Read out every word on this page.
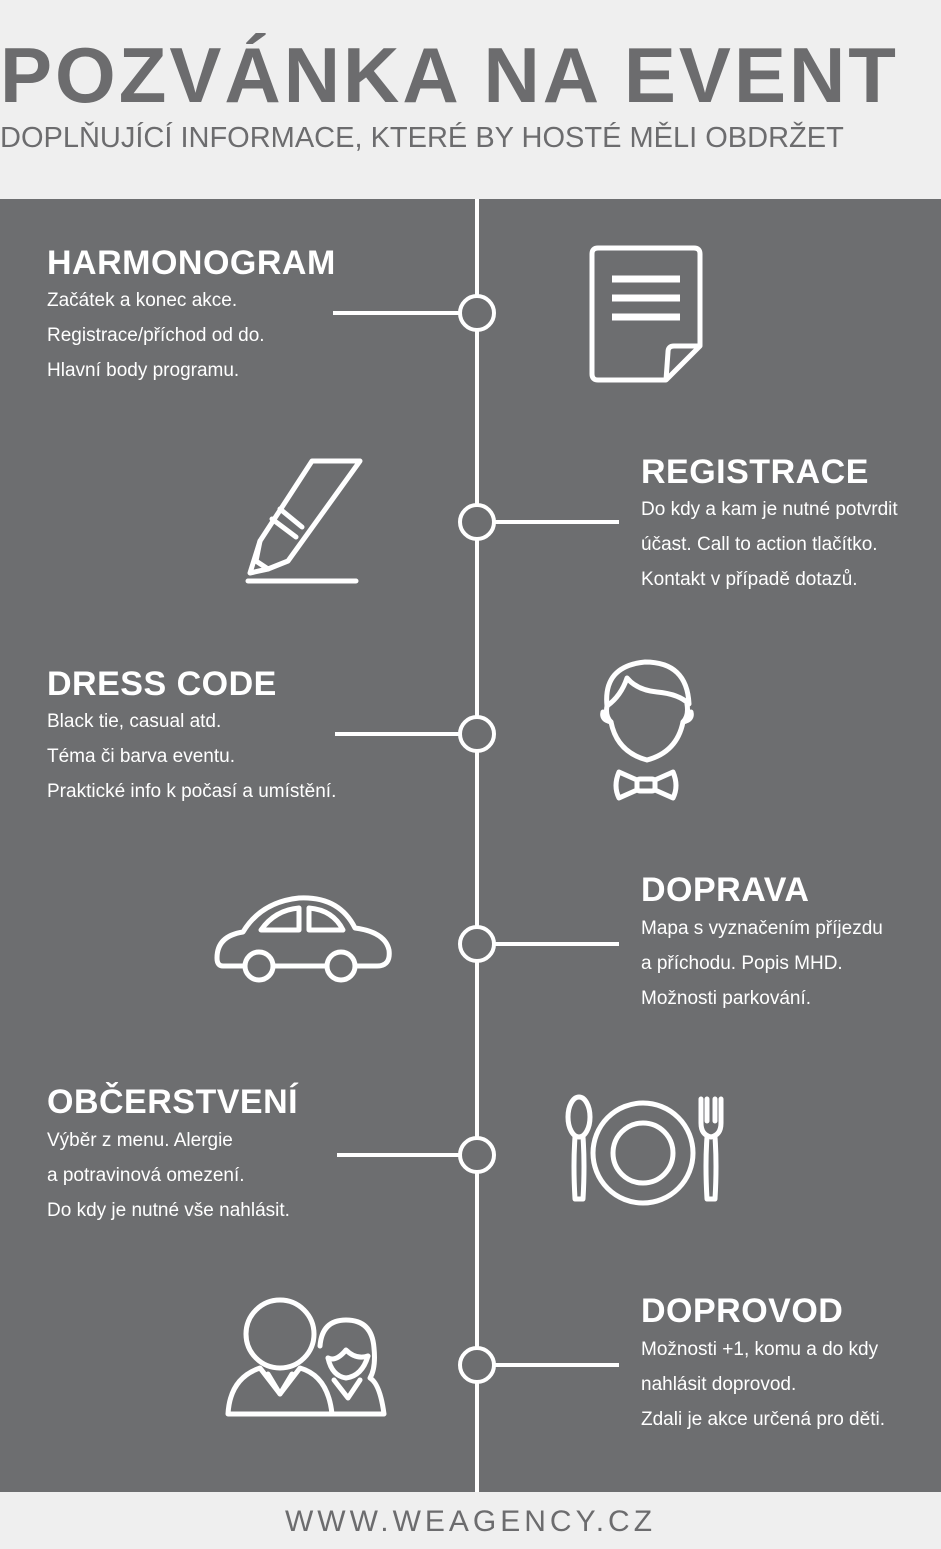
POZVÁNKA NA EVENT
DOPLŇUJÍCÍ INFORMACE, KTERÉ BY HOSTÉ MĚLI OBDRŽET
HARMONOGRAM
Začátek a konec akce.
Registrace/příchod od do.
Hlavní body programu.
REGISTRACE
Do kdy a kam je nutné potvrdit
účast. Call to action tlačítko.
Kontakt v případě dotazů.
DRESS CODE
Black tie, casual atd.
Téma či barva eventu.
Praktické info k počasí a umístění.
DOPRAVA
Mapa s vyznačením příjezdu
a příchodu. Popis MHD.
Možnosti parkování.
OBČERSTVENÍ
Výběr z menu. Alergie
a potravinová omezení.
Do kdy je nutné vše nahlásit.
DOPROVOD
Možnosti +1, komu a do kdy
nahlásit doprovod.
Zdali je akce určená pro děti.
WWW.WEAGENCY.CZ
